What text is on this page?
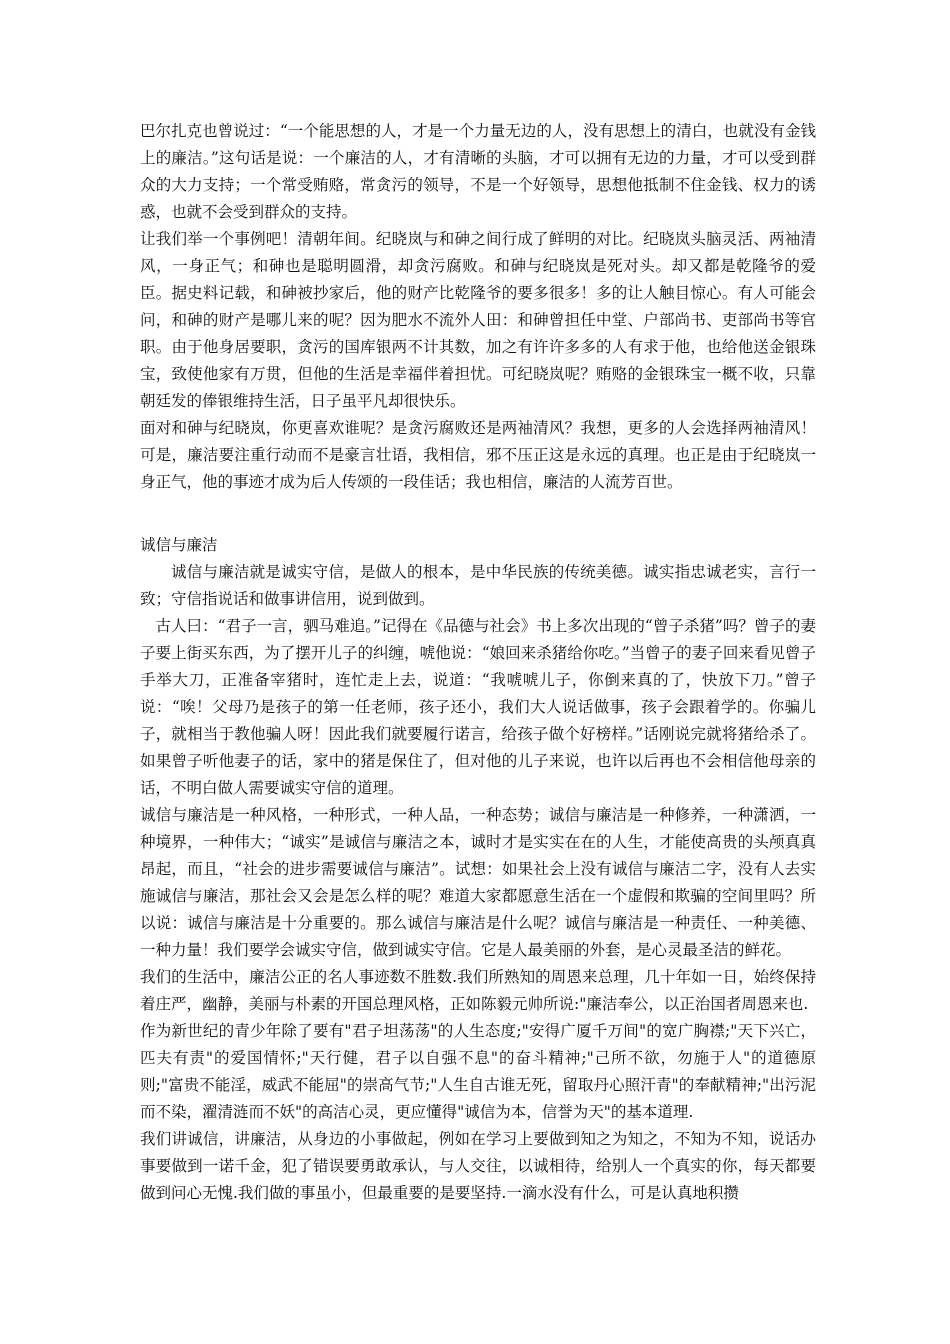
巴尔扎克也曾说过：“一个能思想的人，才是一个力量无边的人，没有思想上的清白，也就没有金钱上的廉洁。”这句话是说：一个廉洁的人，才有清晰的头脑，才可以拥有无边的力量，才可以受到群众的大力支持；一个常受贿赂，常贪污的领导，不是一个好领导，思想他抵制不住金钱、权力的诱惑，也就不会受到群众的支持。

让我们举一个事例吧！清朝年间。纪晓岚与和砷之间行成了鲜明的对比。纪晓岚头脑灵活、两袖清风，一身正气；和砷也是聪明圆滑，却贪污腐败。和砷与纪晓岚是死对头。却又都是乾隆爷的爱臣。据史料记载，和砷被抄家后，他的财产比乾隆爷的要多很多！多的让人触目惊心。有人可能会问，和砷的财产是哪儿来的呢？因为肥水不流外人田：和砷曾担任中堂、户部尚书、吏部尚书等官职。由于他身居要职，贪污的国库银两不计其数，加之有许许多多的人有求于他，也给他送金银珠宝，致使他家有万贯，但他的生活是幸福伴着担忧。可纪晓岚呢？贿赂的金银珠宝一概不收，只靠朝廷发的俸银维持生活，日子虽平凡却很快乐。

面对和砷与纪晓岚，你更喜欢谁呢？是贪污腐败还是两袖清风？我想，更多的人会选择两袖清风！可是，廉洁要注重行动而不是豪言壮语，我相信，邪不压正这是永远的真理。也正是由于纪晓岚一身正气，他的事迹才成为后人传颂的一段佳话；我也相信，廉洁的人流芳百世。

诚信与廉洁

诚信与廉洁就是诚实守信，是做人的根本，是中华民族的传统美德。诚实指忠诚老实，言行一致；守信指说话和做事讲信用，说到做到。

古人曰：“君子一言，驷马难追。”记得在《品德与社会》书上多次出现的“曾子杀猪”吗？曾子的妻子要上街买东西，为了摆开儿子的纠缠，唬他说：“娘回来杀猪给你吃。”当曾子的妻子回来看见曾子手举大刀，正准备宰猪时，连忙走上去，说道：“我唬唬儿子，你倒来真的了，快放下刀。”曾子说：“唉！父母乃是孩子的第一任老师，孩子还小，我们大人说话做事，孩子会跟着学的。你骗儿子，就相当于教他骗人呀！因此我们就要履行诺言，给孩子做个好榜样。”话刚说完就将猪给杀了。如果曾子听他妻子的话，家中的猪是保住了，但对他的儿子来说，也许以后再也不会相信他母亲的话，不明白做人需要诚实守信的道理。

诚信与廉洁是一种风格，一种形式，一种人品，一种态势；诚信与廉洁是一种修养，一种潇洒，一种境界，一种伟大；“诚实”是诚信与廉洁之本，诚时才是实实在在的人生，才能使高贵的头颅真真昂起，而且，“社会的进步需要诚信与廉洁”。试想：如果社会上没有诚信与廉洁二字，没有人去实施诚信与廉洁，那社会又会是怎么样的呢？难道大家都愿意生活在一个虚假和欺骗的空间里吗？所以说：诚信与廉洁是十分重要的。那么诚信与廉洁是什么呢？诚信与廉洁是一种责任、一种美德、一种力量！我们要学会诚实守信，做到诚实守信。它是人最美丽的外套，是心灵最圣洁的鲜花。

我们的生活中，廉洁公正的名人事迹数不胜数.我们所熟知的周恩来总理，几十年如一日，始终保持着庄严，幽静，美丽与朴素的开国总理风格，正如陈毅元帅所说:"廉洁奉公，以正治国者周恩来也.

作为新世纪的青少年除了要有"君子坦荡荡"的人生态度;"安得广厦千万间"的宽广胸襟;"天下兴亡，匹夫有责"的爱国情怀;"天行健，君子以自强不息"的奋斗精神;"己所不欲，勿施于人"的道德原则;"富贵不能淫，威武不能屈"的崇高气节;"人生自古谁无死，留取丹心照汗青"的奉献精神;"出污泥而不染，濯清涟而不妖"的高洁心灵，更应懂得"诚信为本，信誉为天"的基本道理.

我们讲诚信，讲廉洁，从身边的小事做起，例如在学习上要做到知之为知之，不知为不知，说话办事要做到一诺千金，犯了错误要勇敢承认，与人交往，以诚相待，给别人一个真实的你，每天都要做到问心无愧.我们做的事虽小，但最重要的是要坚持.一滴水没有什么，可是认真地积攒
